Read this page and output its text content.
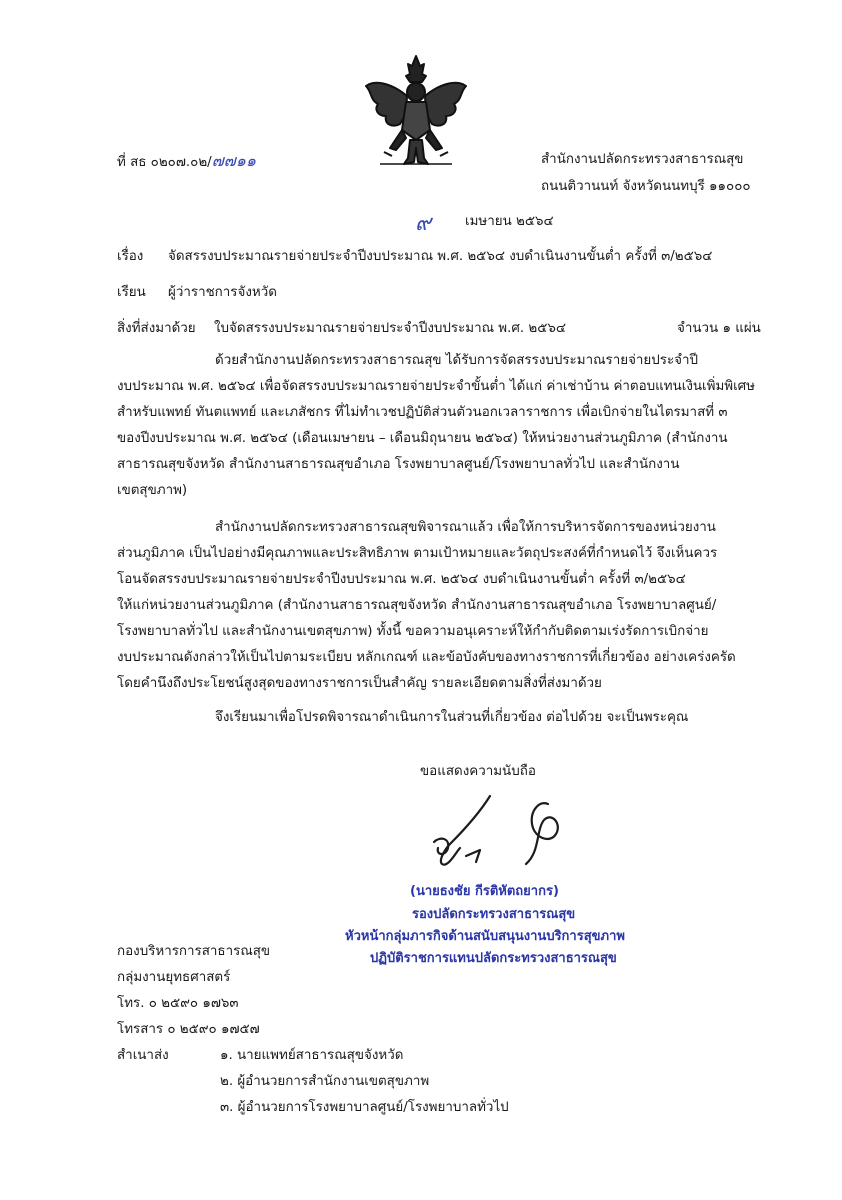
ที่ สธ ๐๒๐๗.๐๒/๗๗๑๑	สำนักงานปลัดกระทรวงสาธารณสุข
ถนนติวานนท์ จังหวัดนนทบุรี ๑๑๐๐๐
๙	เมษายน ๒๕๖๔
เรื่อง จัดสรรงบประมาณรายจ่ายประจำปีงบประมาณ พ.ศ. ๒๕๖๔ งบดำเนินงานขั้นต่ำ ครั้งที่ ๓/๒๕๖๔
เรียน ผู้ว่าราชการจังหวัด
สิ่งที่ส่งมาด้วย ใบจัดสรรงบประมาณรายจ่ายประจำปีงบประมาณ พ.ศ. ๒๕๖๔	จำนวน ๑ แผ่น
ด้วยสำนักงานปลัดกระทรวงสาธารณสุข ได้รับการจัดสรรงบประมาณรายจ่ายประจำปี
งบประมาณ พ.ศ. ๒๕๖๔ เพื่อจัดสรรงบประมาณรายจ่ายประจำขั้นต่ำ ได้แก่ ค่าเช่าบ้าน ค่าตอบแทนเงินเพิ่มพิเศษ
สำหรับแพทย์ ทันตแพทย์ และเภสัชกร ที่ไม่ทำเวชปฏิบัติส่วนตัวนอกเวลาราชการ เพื่อเบิกจ่ายในไตรมาสที่ ๓
ของปีงบประมาณ พ.ศ. ๒๕๖๔ (เดือนเมษายน – เดือนมิถุนายน ๒๕๖๔) ให้หน่วยงานส่วนภูมิภาค (สำนักงาน
สาธารณสุขจังหวัด สำนักงานสาธารณสุขอำเภอ โรงพยาบาลศูนย์/โรงพยาบาลทั่วไป และสำนักงาน
เขตสุขภาพ)
สำนักงานปลัดกระทรวงสาธารณสุขพิจารณาแล้ว เพื่อให้การบริหารจัดการของหน่วยงาน
ส่วนภูมิภาค เป็นไปอย่างมีคุณภาพและประสิทธิภาพ ตามเป้าหมายและวัตถุประสงค์ที่กำหนดไว้ จึงเห็นควร
โอนจัดสรรงบประมาณรายจ่ายประจำปีงบประมาณ พ.ศ. ๒๕๖๔ งบดำเนินงานขั้นต่ำ ครั้งที่ ๓/๒๕๖๔
ให้แก่หน่วยงานส่วนภูมิภาค (สำนักงานสาธารณสุขจังหวัด สำนักงานสาธารณสุขอำเภอ โรงพยาบาลศูนย์/
โรงพยาบาลทั่วไป และสำนักงานเขตสุขภาพ) ทั้งนี้ ขอความอนุเคราะห์ให้กำกับติดตามเร่งรัดการเบิกจ่าย
งบประมาณดังกล่าวให้เป็นไปตามระเบียบ หลักเกณฑ์ และข้อบังคับของทางราชการที่เกี่ยวข้อง อย่างเคร่งครัด
โดยคำนึงถึงประโยชน์สูงสุดของทางราชการเป็นสำคัญ รายละเอียดตามสิ่งที่ส่งมาด้วย
จึงเรียนมาเพื่อโปรดพิจารณาดำเนินการในส่วนที่เกี่ยวข้อง ต่อไปด้วย จะเป็นพระคุณ
ขอแสดงความนับถือ
(นายธงชัย กีรติหัตถยากร)
รองปลัดกระทรวงสาธารณสุข
หัวหน้ากลุ่มภารกิจด้านสนับสนุนงานบริการสุขภาพ
ปฏิบัติราชการแทนปลัดกระทรวงสาธารณสุข
กองบริหารการสาธารณสุข
กลุ่มงานยุทธศาสตร์
โทร. ๐ ๒๕๙๐ ๑๗๖๓
โทรสาร ๐ ๒๕๙๐ ๑๗๕๗
สำเนาส่ง	๑. นายแพทย์สาธารณสุขจังหวัด
๒. ผู้อำนวยการสำนักงานเขตสุขภาพ
๓. ผู้อำนวยการโรงพยาบาลศูนย์/โรงพยาบาลทั่วไป
